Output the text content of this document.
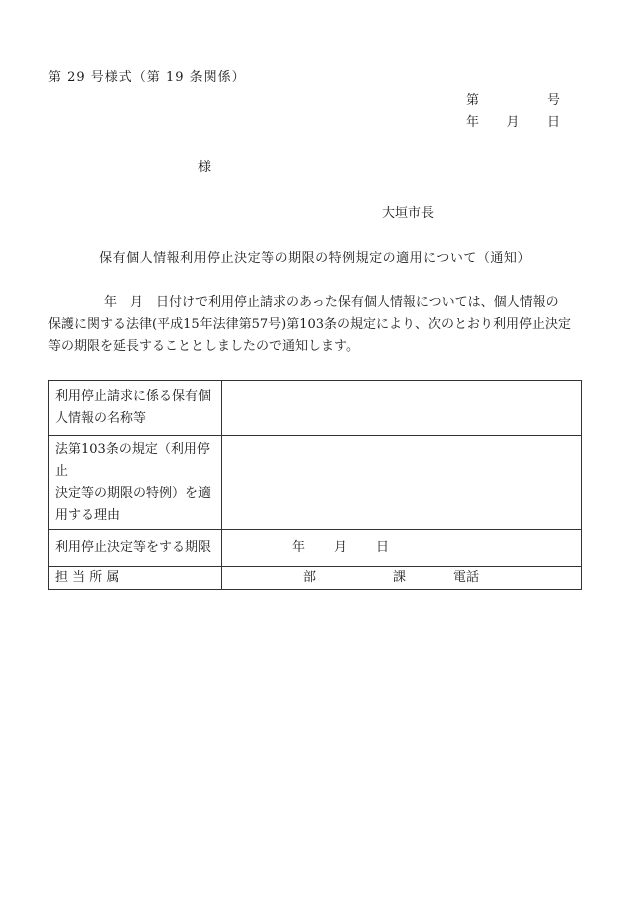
第 29 号様式（第 19 条関係）
第	号
年 月 日
様
大垣市長
保有個人情報利用停止決定等の期限の特例規定の適用について（通知）

年　月　日付けで利用停止請求のあった保有個人情報については、個人情報の

保護に関する法律(平成15年法律第57号)第103条の規定により、次のとおり利用停止決定

等の期限を延長することとしましたので通知します。

利用停止請求に係る保有個
人情報の名称等	

法第103条の規定（利用停止
決定等の期限の特例）を適
用する理由	

利用停止決定等をする期限	年 月 日

担 当 所 属	部 課 電話
